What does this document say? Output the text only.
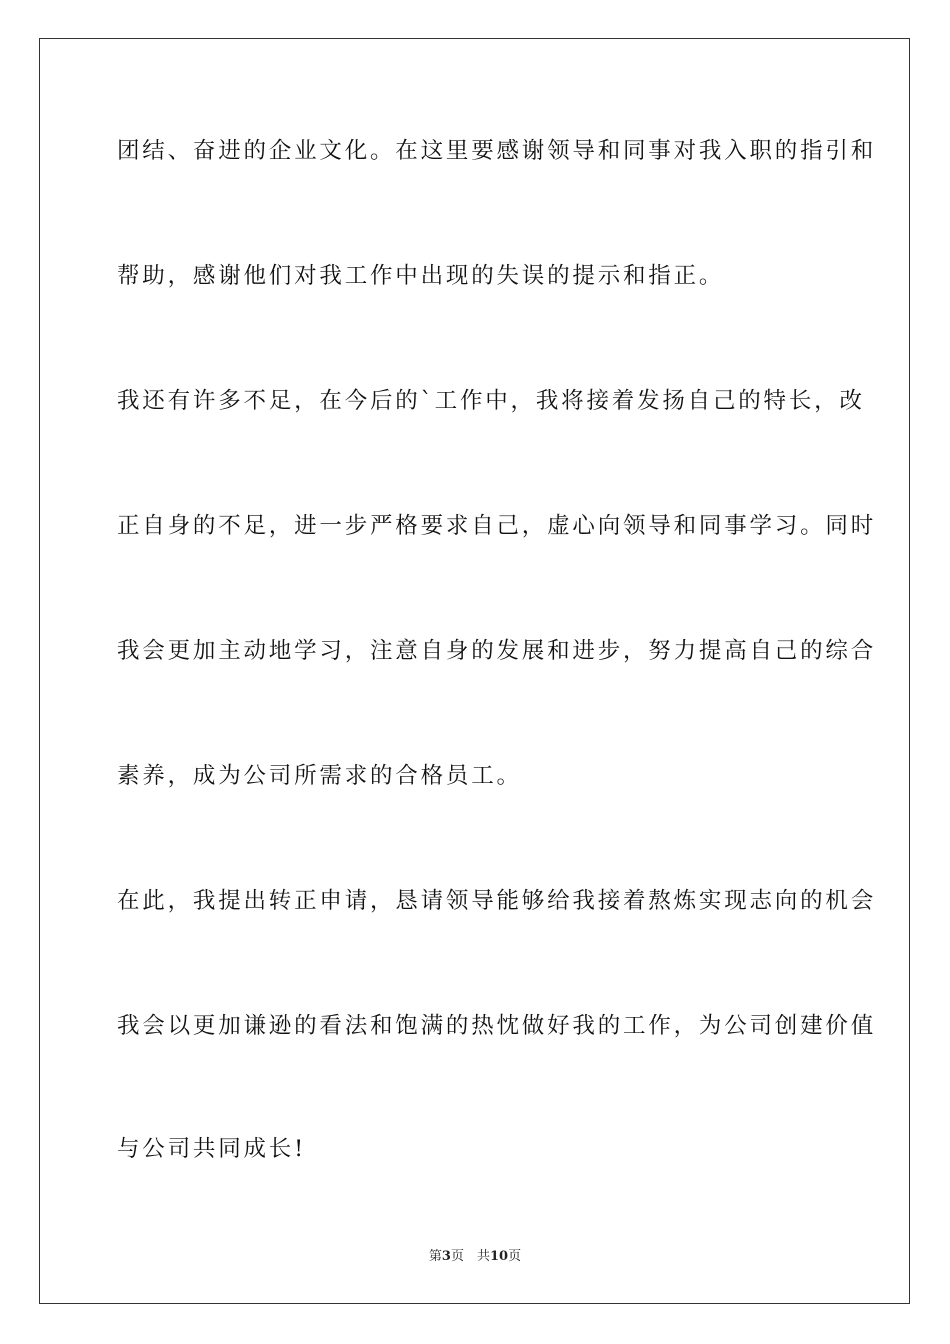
团结、奋进的企业文化。在这里要感谢领导和同事对我入职的指引和
帮助，感谢他们对我工作中出现的失误的提示和指正。
我还有许多不足，在今后的`工作中，我将接着发扬自己的特长，改
正自身的不足，进一步严格要求自己，虚心向领导和同事学习。同时
我会更加主动地学习，注意自身的发展和进步，努力提高自己的综合
素养，成为公司所需求的合格员工。
在此，我提出转正申请，恳请领导能够给我接着熬炼实现志向的机会
我会以更加谦逊的看法和饱满的热忱做好我的工作，为公司创建价值
与公司共同成长!
第3页　共10页
